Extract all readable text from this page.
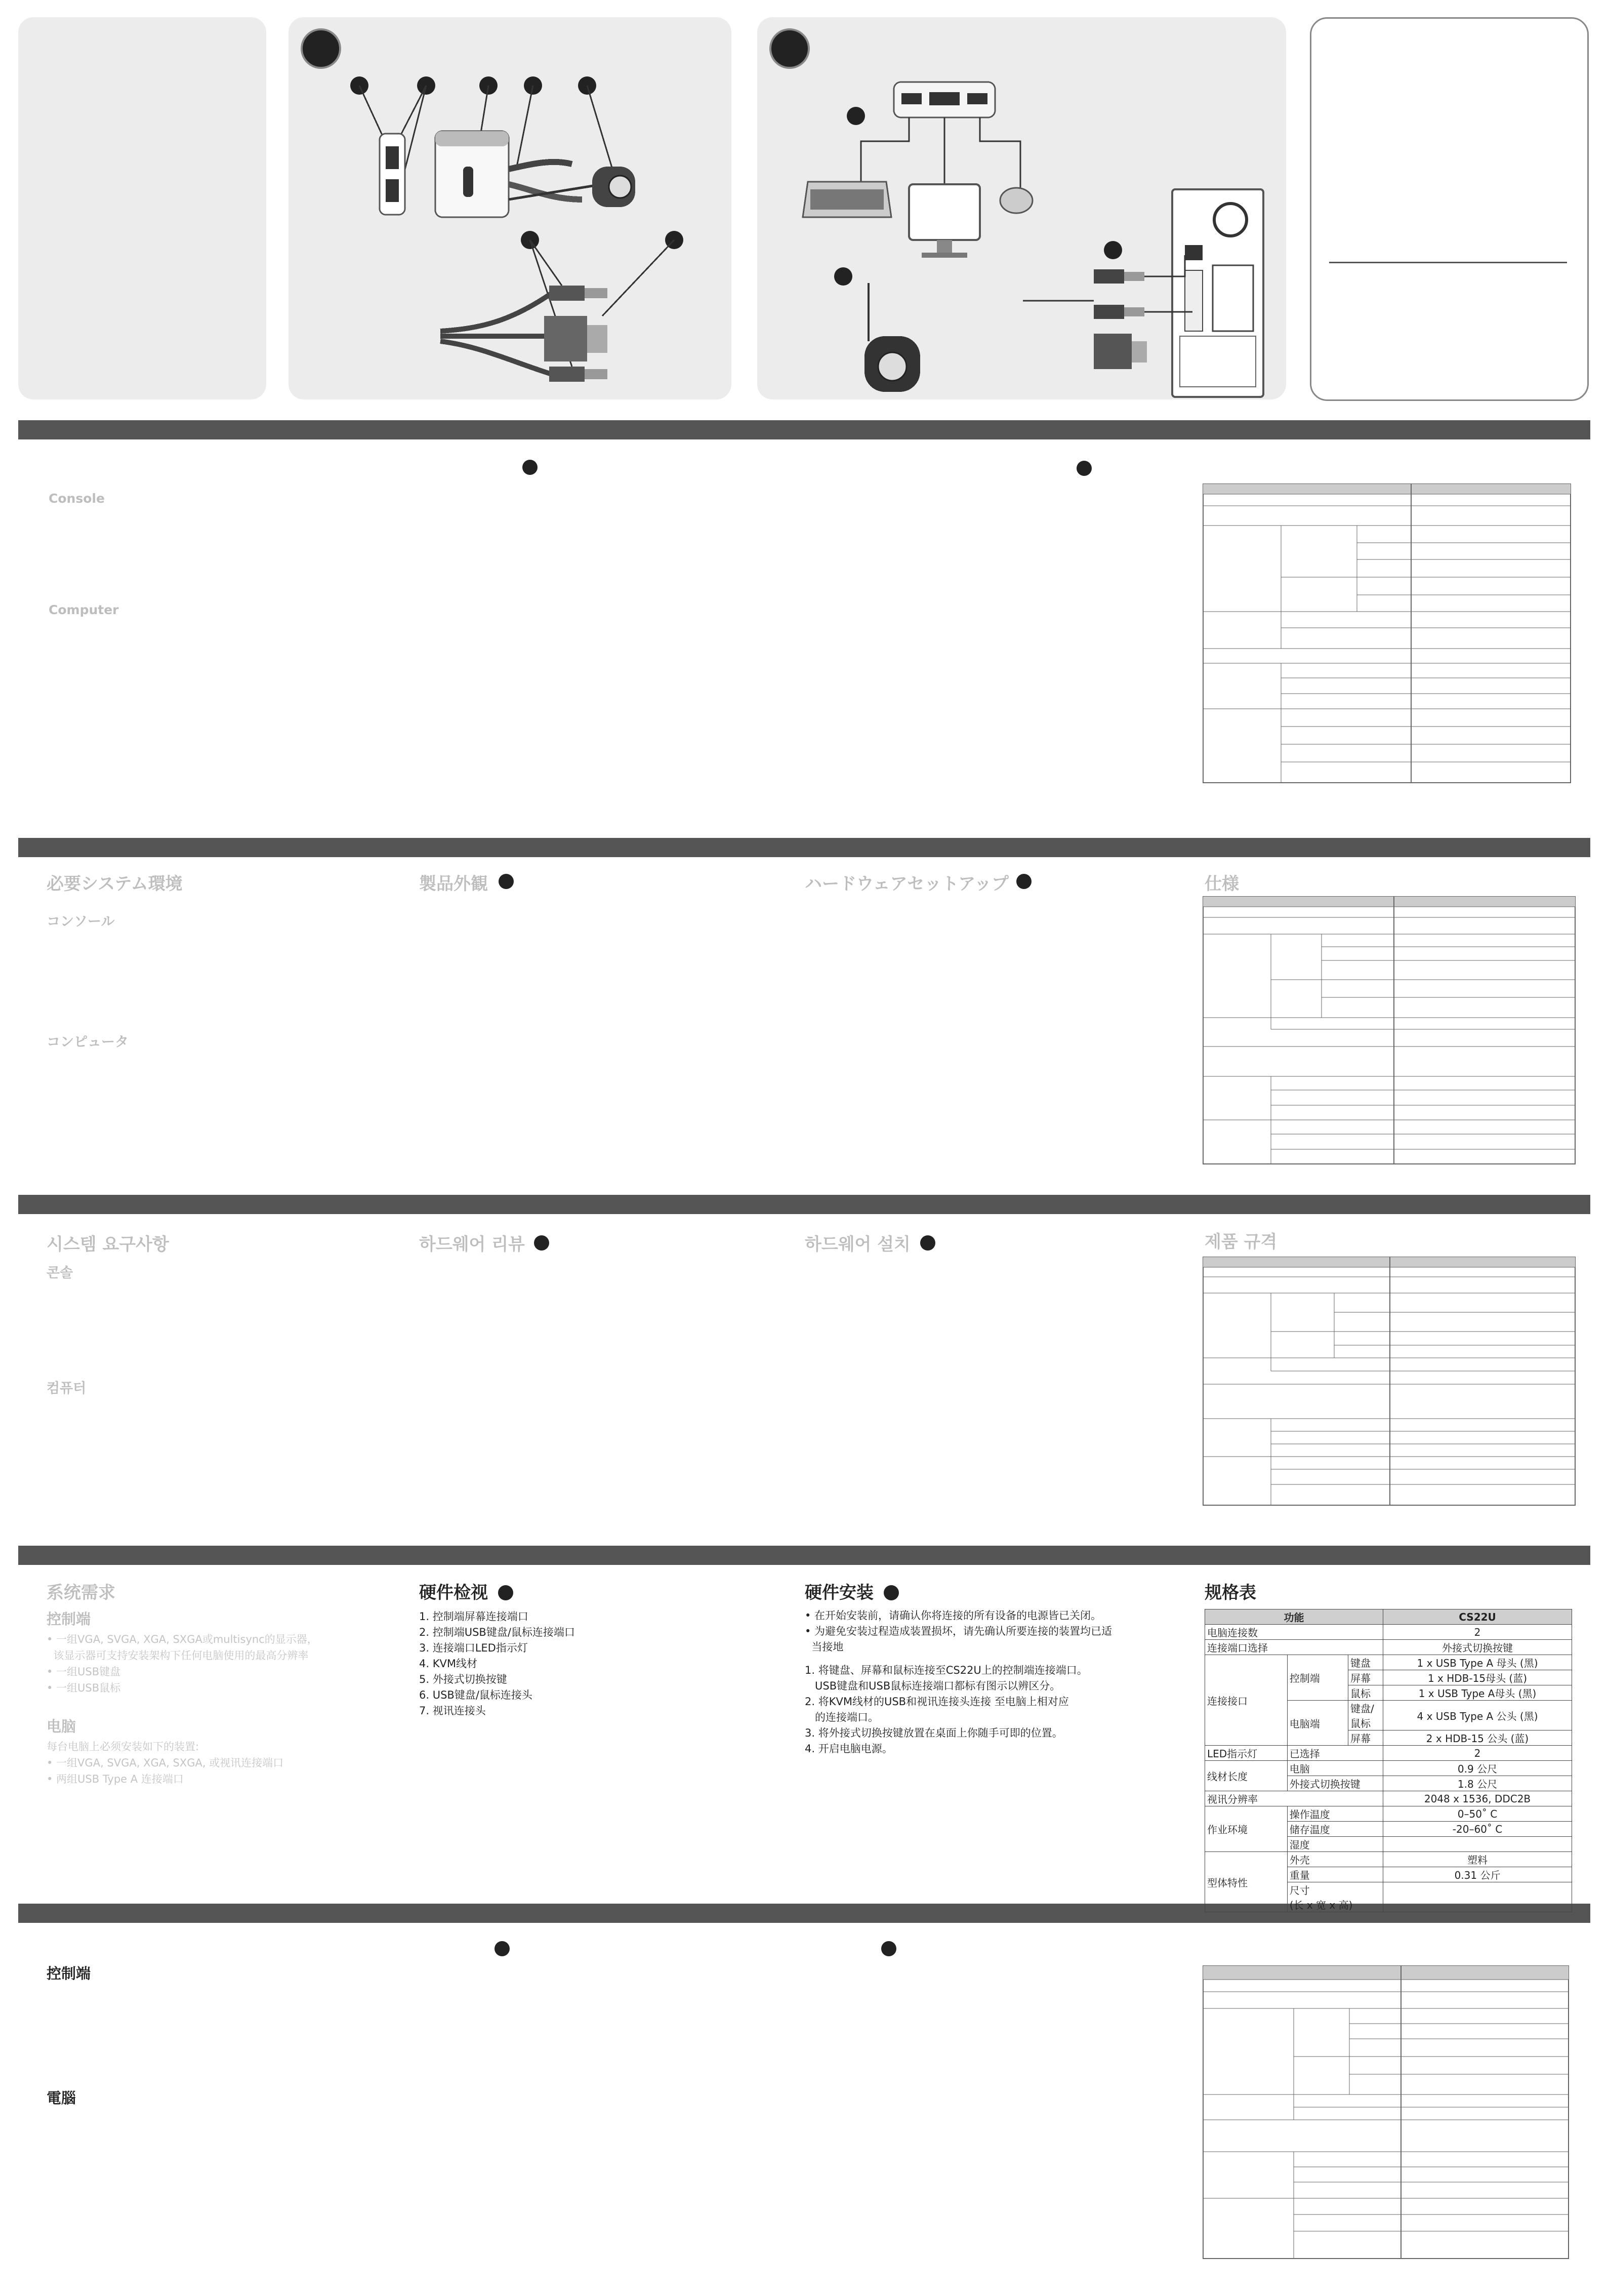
Console
Computer
必要システム環境
コンソール
コンピュータ
製品外観	ハードウェアセットアップ	仕様
시스템 요구사항
콘솔
컴퓨터
하드웨어 리뷰	하드웨어 설치	제품 규격
系统需求
控制端
• 一组VGA, SVGA, XGA, SXGA或multisync的显示器，
该显示器可支持安装架构下任何电脑使用的最高分辨率
• 一组USB键盘
• 一组USB鼠标
电脑
每台电脑上必须安装如下的装置:
• 一组VGA, SVGA, XGA, SXGA, 或视讯连接端口
• 两组USB Type A 连接端口
硬件检视
1. 控制端屏幕连接端口
2. 控制端USB键盘/鼠标连接端口
3. 连接端口LED指示灯
4. KVM线材
5. 外接式切换按键
6. USB键盘/鼠标连接头
7. 视讯连接头
硬件安装
• 在开始安装前，请确认你将连接的所有设备的电源皆已关闭。
• 为避免安装过程造成装置损坏，请先确认所要连接的装置均已适
当接地
1. 将键盘、屏幕和鼠标连接至CS22U上的控制端连接端口。
USB键盘和USB鼠标连接端口都标有图示以辨区分。
2. 将KVM线材的USB和视讯连接头连接 至电脑上相对应
的连接端口。
3. 将外接式切换按键放置在桌面上你随手可即的位置。
4. 开启电脑电源。
规格表
功能			CS22U
电脑连接数			2
连接端口选择			外接式切换按键
连接接口	控制端	键盘	1 x USB Type A 母头 (黑)
		屏幕	1 x HDB-15母头 (蓝)
		鼠标	1 x USB Type A母头 (黑)
	电脑端	键盘/鼠标	4 x USB Type A 公头 (黑)
		屏幕	2 x HDB-15 公头 (蓝)
LED指示灯	已选择		2
线材长度	电脑		0.9 公尺
	外接式切换按键		1.8 公尺
视讯分辨率			2048 x 1536, DDC2B
作业环境	操作温度		0–50˚ C
	储存温度		-20–60˚ C
	湿度		
型体特性	外壳		塑料
	重量		0.31 公斤

	尺寸
(长 x 宽 x 高)		

控制端
電腦
